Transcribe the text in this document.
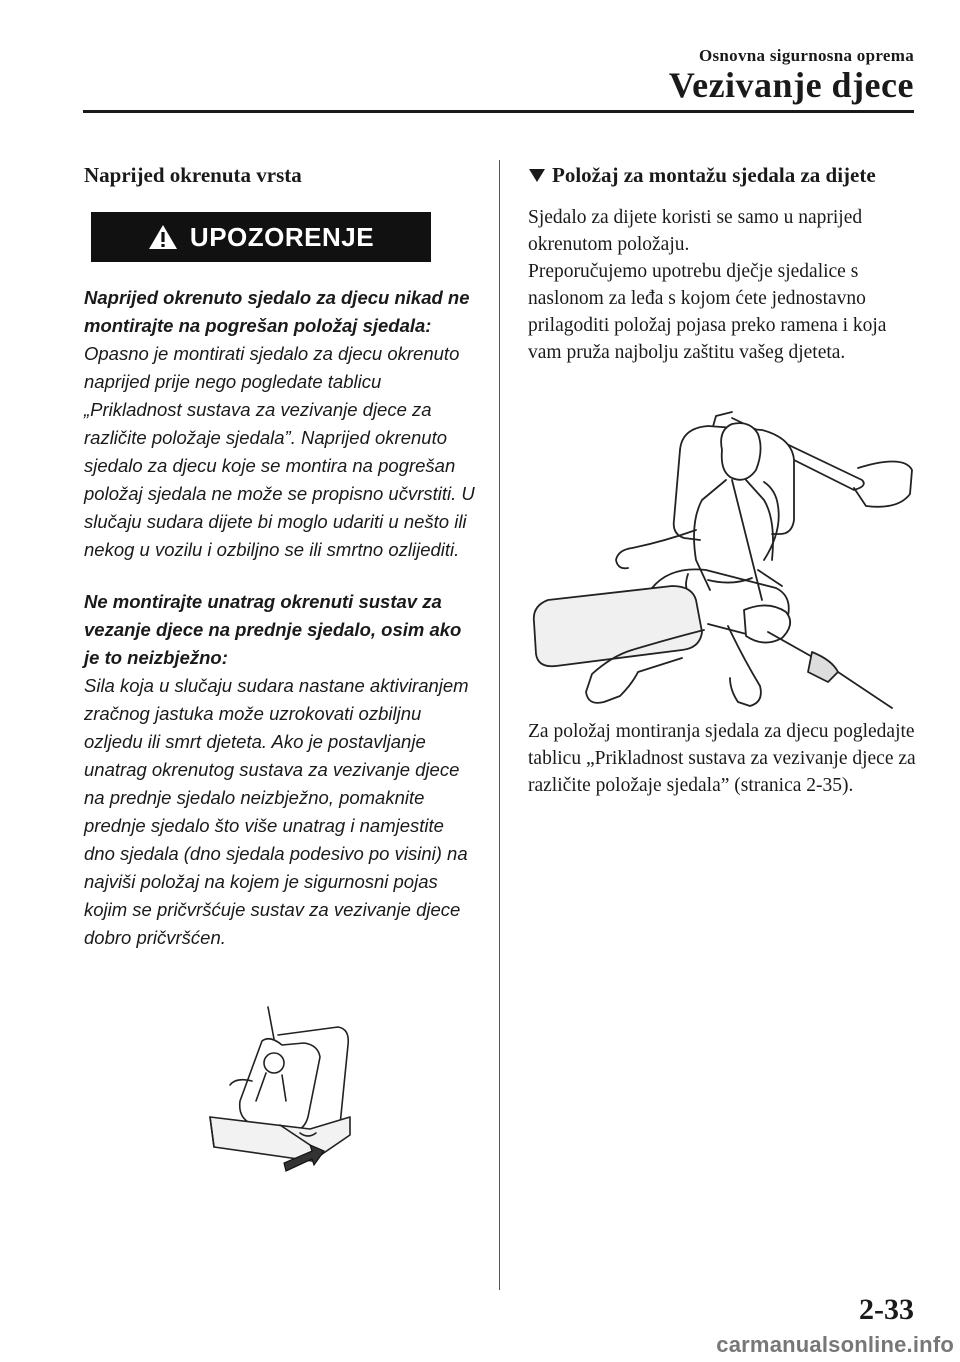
Osnovna sigurnosna oprema
Vezivanje djece
Naprijed okrenuta vrsta
UPOZORENJE

Naprijed okrenuto sjedalo za djecu nikad ne montirajte na pogrešan položaj sjedala:

Opasno je montirati sjedalo za djecu okrenuto naprijed prije nego pogledate tablicu „Prikladnost sustava za vezivanje djece za različite položaje sjedala”. Naprijed okrenuto sjedalo za djecu koje se montira na pogrešan položaj sjedala ne može se propisno učvrstiti. U slučaju sudara dijete bi moglo udariti u nešto ili nekog u vozilu i ozbiljno se ili smrtno ozlijediti.

Ne montirajte unatrag okrenuti sustav za vezanje djece na prednje sjedalo, osim ako je to neizbježno:

Sila koja u slučaju sudara nastane aktiviranjem zračnog jastuka može uzrokovati ozbiljnu ozljedu ili smrt djeteta. Ako je postavljanje unatrag okrenutog sustava za vezivanje djece na prednje sjedalo neizbježno, pomaknite prednje sjedalo što više unatrag i namjestite dno sjedala (dno sjedala podesivo po visini) na najviši položaj na kojem je sigurnosni pojas kojim se pričvršćuje sustav za vezivanje djece dobro pričvršćen.

Položaj za montažu sjedala za dijete

Sjedalo za dijete koristi se samo u naprijed okrenutom položaju.

Preporučujemo upotrebu dječje sjedalice s naslonom za leđa s kojom ćete jednostavno prilagoditi položaj pojasa preko ramena i koja vam pruža najbolju zaštitu vašeg djeteta.

Za položaj montiranja sjedala za djecu pogledajte tablicu „Prikladnost sustava za vezivanje djece za različite položaje sjedala” (stranica 2-35).

2-33
carmanualsonline.info
